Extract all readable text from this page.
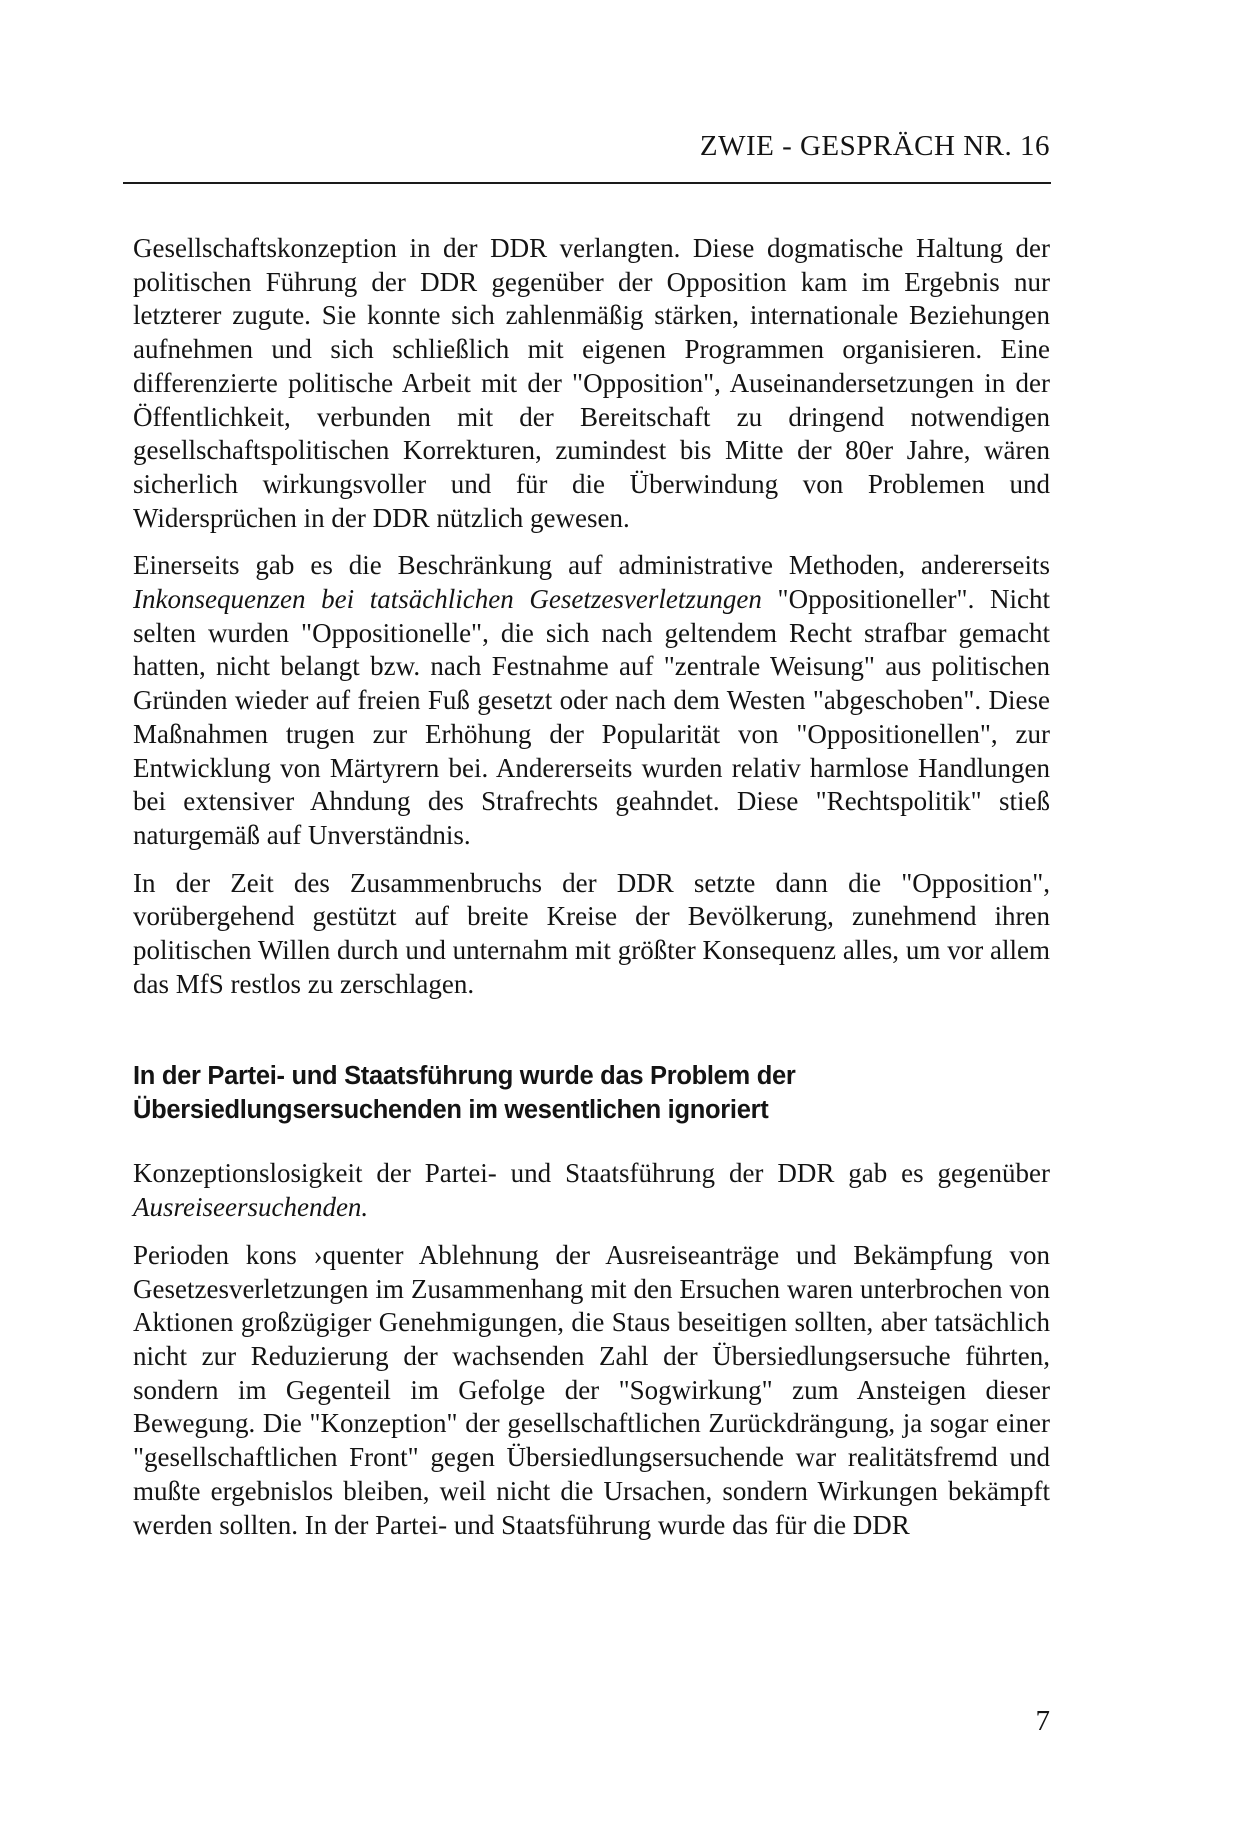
ZWIE - GESPRÄCH NR. 16

Gesellschaftskonzeption in der DDR verlangten. Diese dogmatische Haltung der politischen Führung der DDR gegenüber der Opposition kam im Ergebnis nur letzterer zugute. Sie konnte sich zahlenmäßig stärken, internationale Beziehungen aufnehmen und sich schließlich mit eigenen Programmen organisieren. Eine differenzierte politische Arbeit mit der "Opposition", Auseinandersetzungen in der Öffentlichkeit, verbunden mit der Bereitschaft zu dringend notwendigen gesellschaftspolitischen Korrekturen, zumindest bis Mitte der 80er Jahre, wären sicherlich wirkungsvoller und für die Überwindung von Problemen und Widersprüchen in der DDR nützlich gewesen.

Einerseits gab es die Beschränkung auf administrative Methoden, andererseits Inkonsequenzen bei tatsächlichen Gesetzesverletzungen "Oppositioneller". Nicht selten wurden "Oppositionelle", die sich nach geltendem Recht strafbar gemacht hatten, nicht belangt bzw. nach Festnahme auf "zentrale Weisung" aus politischen Gründen wieder auf freien Fuß gesetzt oder nach dem Westen "abgeschoben". Diese Maßnahmen trugen zur Erhöhung der Popularität von "Oppositionellen", zur Entwicklung von Märtyrern bei. Andererseits wurden relativ harmlose Handlungen bei extensiver Ahndung des Strafrechts geahndet. Diese "Rechtspolitik" stieß naturgemäß auf Unverständnis.

In der Zeit des Zusammenbruchs der DDR setzte dann die "Opposition", vorübergehend gestützt auf breite Kreise der Bevölkerung, zunehmend ihren politischen Willen durch und unternahm mit größter Konsequenz alles, um vor allem das MfS restlos zu zerschlagen.

In der Partei- und Staatsführung wurde das Problem der
Übersiedlungsersuchenden im wesentlichen ignoriert

Konzeptionslosigkeit der Partei- und Staatsführung der DDR gab es gegenüber Ausreiseersuchenden.

Perioden kons ›quenter Ablehnung der Ausreiseanträge und Bekämpfung von Gesetzesverletzungen im Zusammenhang mit den Ersuchen waren unterbrochen von Aktionen großzügiger Genehmigungen, die Staus beseitigen sollten, aber tatsächlich nicht zur Reduzierung der wachsenden Zahl der Übersiedlungsersuche führten, sondern im Gegenteil im Gefolge der "Sogwirkung" zum Ansteigen dieser Bewegung. Die "Konzeption" der gesellschaftlichen Zurückdrängung, ja sogar einer "gesellschaftlichen Front" gegen Übersiedlungsersuchende war realitätsfremd und mußte ergebnislos bleiben, weil nicht die Ursachen, sondern Wirkungen bekämpft werden sollten. In der Partei- und Staatsführung wurde das für die DDR

7
